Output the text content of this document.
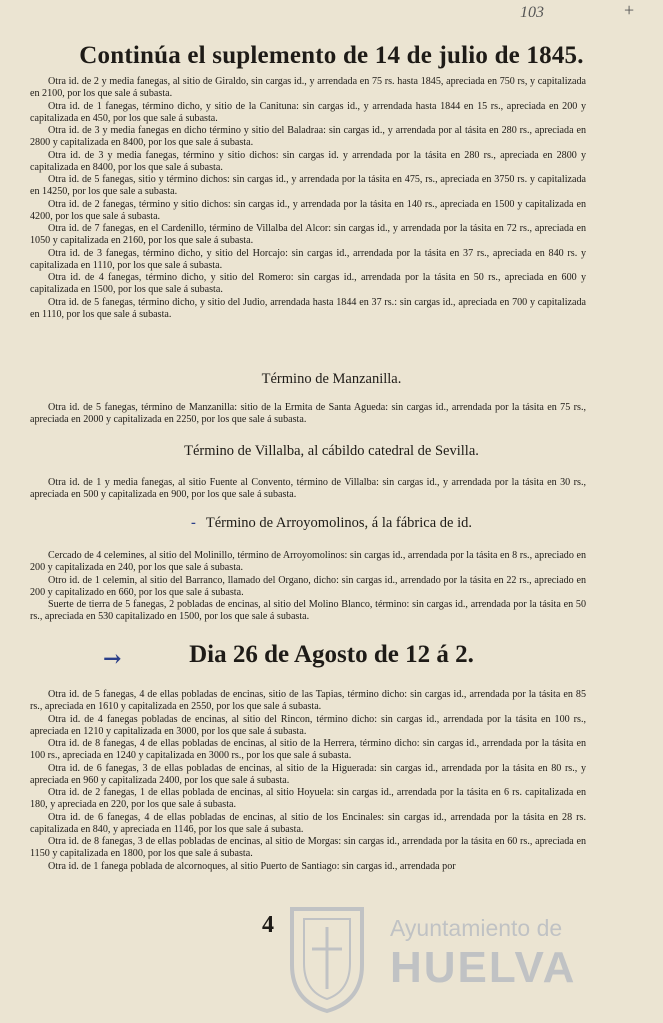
103	+
Continúa el suplemento de 14 de julio de 1845.

Otra id. de 2 y media fanegas, al sitio de Giraldo, sin cargas id., y arrendada en 75 rs. hasta 1845, apreciada en 750 rs, y capitalizada en 2100, por los que sale á subasta.

Otra id. de 1 fanegas, término dicho, y sitio de la Canituna: sin cargas id., y arrendada hasta 1844 en 15 rs., apreciada en 200 y capitalizada en 450, por los que sale á subasta.

Otra id. de 3 y media fanegas en dicho término y sitio del Baladraa: sin cargas id., y arrendada por al tásita en 280 rs., apreciada en 2800 y capitalizada en 8400, por los que sale á subasta.

Otra id. de 3 y media fanegas, término y sitio dichos: sin cargas id. y arrendada por la tásita en 280 rs., apreciada en 2800 y capitalizada en 8400, por los que sale á subasta.

Otra id. de 5 fanegas, sitio y término dichos: sin cargas id., y arrendada por la tásita en 475, rs., apreciada en 3750 rs. y capitalizada en 14250, por los que sale a subasta.

Otra id. de 2 fanegas, término y sitio dichos: sin cargas id., y arrendada por la tásita en 140 rs., apreciada en 1500 y capitalizada en 4200, por los que sale á subasta.

Otra id. de 7 fanegas, en el Cardenillo, término de Villalba del Alcor: sin cargas id., y arrendada por la tásita en 72 rs., apreciada en 1050 y capitalizada en 2160, por los que sale á subasta.

Otra id. de 3 fanegas, término dicho, y sitio del Horcajo: sin cargas id., arrendada por la tásita en 37 rs., apreciada en 840 rs. y capitalizada en 1110, por los que sale á subasta.

Otra id. de 4 fanegas, término dicho, y sitio del Romero: sin cargas id., arrendada por la tásita en 50 rs., apreciada en 600 y capitalizada en 1500, por los que sale á subasta.

Otra id. de 5 fanegas, término dicho, y sitio del Judio, arrendada hasta 1844 en 37 rs.: sin cargas id., apreciada en 700 y capitalizada en 1110, por los que sale á subasta.

Término de Manzanilla.

Otra id. de 5 fanegas, término de Manzanilla: sitio de la Ermita de Santa Agueda: sin cargas id., arrendada por la tásita en 75 rs., apreciada en 2000 y capitalizada en 2250, por los que sale á subasta.

Término de Villalba, al cábildo catedral de Sevilla.

Otra id. de 1 y media fanegas, al sitio Fuente al Convento, término de Villalba: sin cargas id., y arrendada por la tásita en 30 rs., apreciada en 500 y capitalizada en 900, por los que sale á subasta.

- Término de Arroyomolinos, á la fábrica de id.

Cercado de 4 celemines, al sitio del Molinillo, término de Arroyomolinos: sin cargas id., arrendada por la tásita en 8 rs., apreciado en 200 y capitalizada en 240, por los que sale á subasta.

Otro id. de 1 celemin, al sitio del Barranco, llamado del Organo, dicho: sin cargas id., arrendado por la tásita en 22 rs., apreciado en 200 y capitalizado en 660, por los que sale á subasta.

Suerte de tierra de 5 fanegas, 2 pobladas de encinas, al sitio del Molino Blanco, término: sin cargas id., arrendada por la tásita en 50 rs., apreciada en 530 capitalizado en 1500, por los que sale á subasta.

→	Dia 26 de Agosto de 12 á 2.

Otra id. de 5 fanegas, 4 de ellas pobladas de encinas, sitio de las Tapias, término dicho: sin cargas id., arrendada por la tásita en 85 rs., apreciada en 1610 y capitalizada en 2550, por los que sale á subasta.

Otra id. de 4 fanegas pobladas de encinas, al sitio del Rincon, término dicho: sin cargas id., arrendada por la tásita en 100 rs., apreciada en 1210 y capitalizada en 3000, por los que sale á subasta.

Otra id. de 8 fanegas, 4 de ellas pobladas de encinas, al sitio de la Herrera, término dicho: sin cargas id., arrendada por la tásita en 100 rs., apreciada en 1240 y capitalizada en 3000 rs., por los que sale á subasta.

Otra id. de 6 fanegas, 3 de ellas pobladas de encinas, al sitio de la Higuerada: sin cargas id., arrendada por la tásita en 80 rs., y apreciada en 960 y capitalizada 2400, por los que sale á subasta.

Otra id. de 2 fanegas, 1 de ellas poblada de encinas, al sitio Hoyuela: sin cargas id., arrendada por la tásita en 6 rs. capitalizada en 180, y apreciada en 220, por los que sale á subasta.

Otra id. de 6 fanegas, 4 de ellas pobladas de encinas, al sitio de los Encinales: sin cargas id., arrendada por la tásita en 28 rs. capitalizada en 840, y apreciada en 1146, por los que sale á subasta.

Otra id. de 8 fanegas, 3 de ellas pobladas de encinas, al sitio de Morgas: sin cargas id., arrendada por la tásita en 60 rs., apreciada en 1150 y capitalizada en 1800, por los que sale á subasta.

Otra id. de 1 fanega poblada de alcornoques, al sitio Puerto de Santiago: sin cargas id., arrendada por

Ayuntamiento de
HUELVA
4
